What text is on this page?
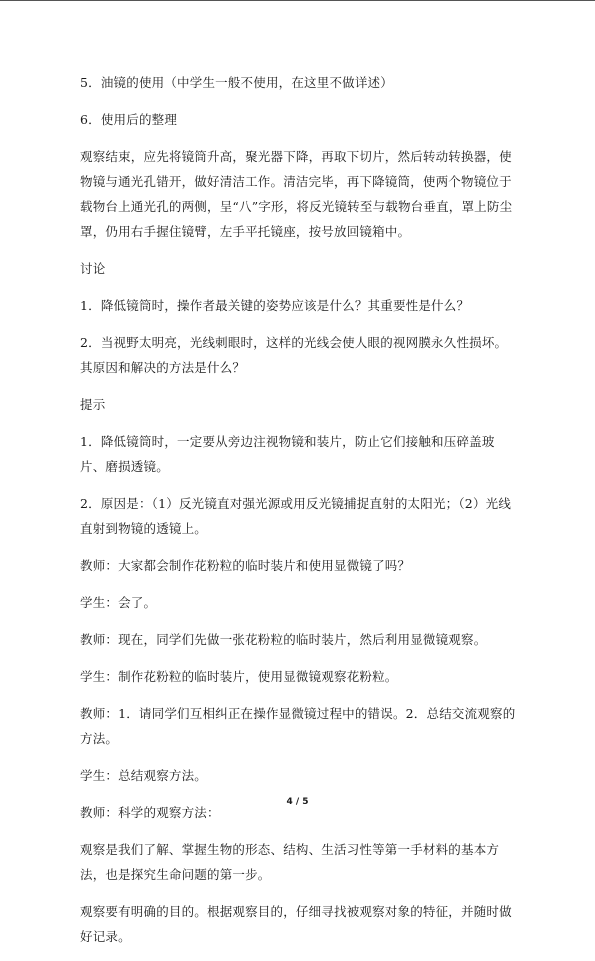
5．油镜的使用（中学生一般不使用，在这里不做详述）

6．使用后的整理

观察结束，应先将镜筒升高，聚光器下降，再取下切片，然后转动转换器，使物镜与通光孔错开，做好清洁工作。清洁完毕，再下降镜筒，使两个物镜位于载物台上通光孔的两侧，呈“八”字形，将反光镜转至与载物台垂直，罩上防尘罩，仍用右手握住镜臂，左手平托镜座，按号放回镜箱中。

讨论

1．降低镜筒时，操作者最关键的姿势应该是什么？其重要性是什么？

2．当视野太明亮，光线刺眼时，这样的光线会使人眼的视网膜永久性损坏。其原因和解决的方法是什么？

提示

1．降低镜筒时，一定要从旁边注视物镜和装片，防止它们接触和压碎盖玻片、磨损透镜。

2．原因是：（1）反光镜直对强光源或用反光镜捕捉直射的太阳光；（2）光线直射到物镜的透镜上。

教师：大家都会制作花粉粒的临时装片和使用显微镜了吗？

学生：会了。

教师：现在，同学们先做一张花粉粒的临时装片，然后利用显微镜观察。

学生：制作花粉粒的临时装片，使用显微镜观察花粉粒。

教师：1．请同学们互相纠正在操作显微镜过程中的错误。2．总结交流观察的方法。

学生：总结观察方法。

教师：科学的观察方法：

观察是我们了解、掌握生物的形态、结构、生活习性等第一手材料的基本方法，也是探究生命问题的第一步。

观察要有明确的目的。根据观察目的，仔细寻找被观察对象的特征，并随时做好记录。

4 / 5
